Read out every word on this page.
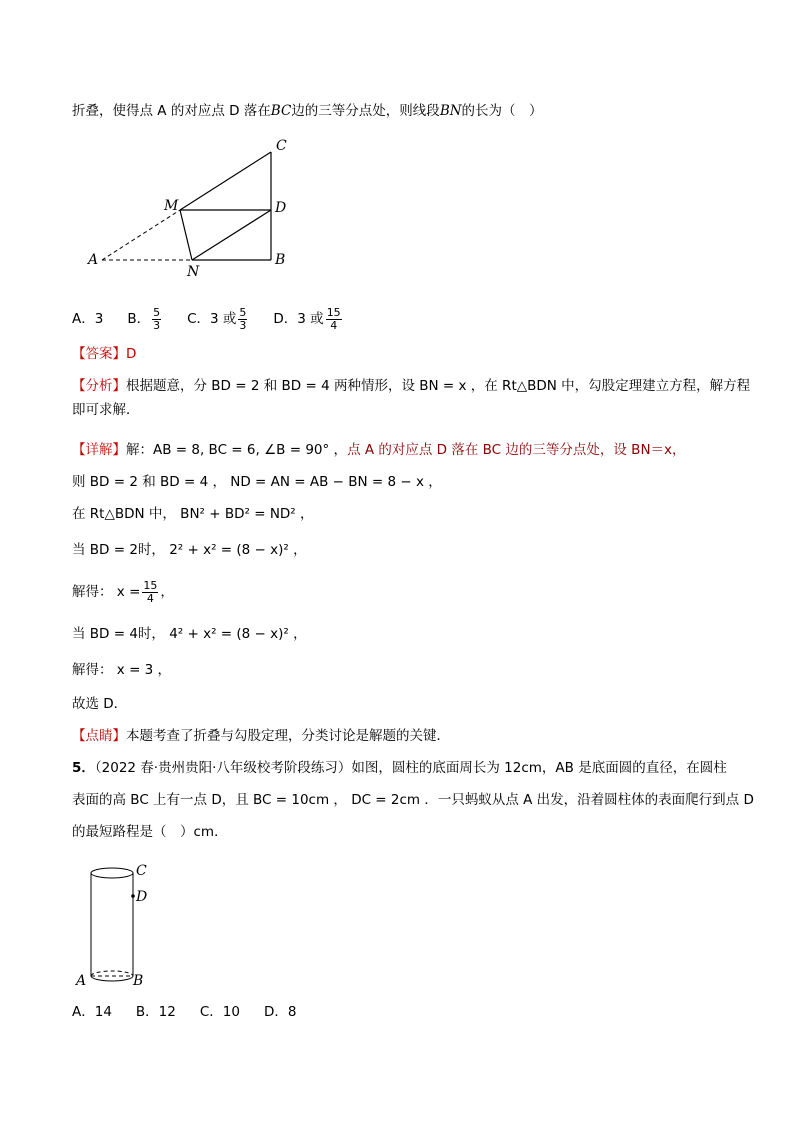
折叠，使得点 A 的对应点 D 落在BC边的三等分点处，则线段BN的长为（　）
C
M	D
A
N
B
A．3 B． $\frac{5}{3}$ C．3 或 $\frac{5}{3}$ D．3 或 $\frac{15}{4}$
【答案】D
【分析】根据题意，分 BD = 2 和 BD = 4 两种情形，设 BN = x ，在 Rt△BDN 中，勾股定理建立方程，解方程
即可求解．
【详解】解：AB = 8, BC = 6, ∠B = 90° ，点 A 的对应点 D 落在 BC 边的三等分点处，设 BN＝x，
则 BD = 2 和 BD = 4 ， ND = AN = AB − BN = 8 − x ，
在 Rt△BDN 中， BN² + BD² = ND² ，
当 BD = 2时， 2² + x² = (8 − x)² ，
解得： $x = \frac{15}{4}$ ，
当 BD = 4时， 4² + x² = (8 − x)² ，
解得： x = 3 ，
故选 D．
【点睛】本题考查了折叠与勾股定理，分类讨论是解题的关键．
5．（2022 春·贵州贵阳·八年级校考阶段练习）如图，圆柱的底面周长为 12cm，AB 是底面圆的直径，在圆柱
表面的高 BC 上有一点 D，且 BC = 10cm ， DC = 2cm ．一只蚂蚁从点 A 出发，沿着圆柱体的表面爬行到点 D
的最短路程是（　）cm．
C
D
A	B
A．14 B．12 C．10 D．8
